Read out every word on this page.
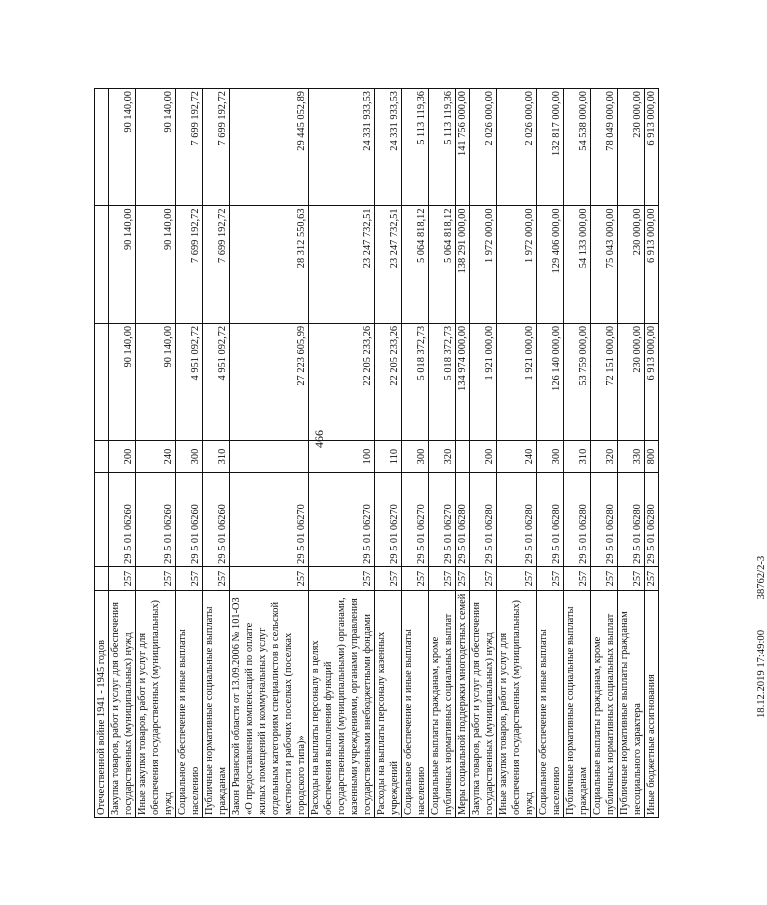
466
Отечественной войне 1941 - 1945 годов						
Закупка товаров, работ и услуг для обеспечения государственных (муниципальных) нужд	257	29 5 01 06260	200	90 140,00	90 140,00	90 140,00
Иные закупки товаров, работ и услуг для обеспечения государственных (муниципальных) нужд	257	29 5 01 06260	240	90 140,00	90 140,00	90 140,00
Социальное обеспечение и иные выплаты населению	257	29 5 01 06260	300	4 951 092,72	7 699 192,72	7 699 192,72
Публичные нормативные социальные выплаты гражданам	257	29 5 01 06260	310	4 951 092,72	7 699 192,72	7 699 192,72
Закон Рязанской области от 13.09.2006 № 101-ОЗ «О предоставлении компенсаций по оплате жилых помещений и коммунальных услуг отдельным категориям специалистов в сельской местности и рабочих поселках (поселках городского типа)»	257	29 5 01 06270		27 223 605,99	28 312 550,63	29 445 052,89
Расходы на выплаты персоналу в целях обеспечения выполнения функций государственными (муниципальными) органами, казенными учреждениями, органами управления государственными внебюджетными фондами	257	29 5 01 06270	100	22 205 233,26	23 247 732,51	24 331 933,53
Расходы на выплаты персоналу казенных учреждений	257	29 5 01 06270	110	22 205 233,26	23 247 732,51	24 331 933,53
Социальное обеспечение и иные выплаты населению	257	29 5 01 06270	300	5 018 372,73	5 064 818,12	5 113 119,36
Социальные выплаты гражданам, кроме публичных нормативных социальных выплат	257	29 5 01 06270	320	5 018 372,73	5 064 818,12	5 113 119,36
Меры социальной поддержки многодетных семей	257	29 5 01 06280		134 974 000,00	138 291 000,00	141 756 000,00
Закупка товаров, работ и услуг для обеспечения государственных (муниципальных) нужд	257	29 5 01 06280	200	1 921 000,00	1 972 000,00	2 026 000,00
Иные закупки товаров, работ и услуг для обеспечения государственных (муниципальных) нужд	257	29 5 01 06280	240	1 921 000,00	1 972 000,00	2 026 000,00
Социальное обеспечение и иные выплаты населению	257	29 5 01 06280	300	126 140 000,00	129 406 000,00	132 817 000,00
Публичные нормативные социальные выплаты гражданам	257	29 5 01 06280	310	53 759 000,00	54 133 000,00	54 538 000,00
Социальные выплаты гражданам, кроме публичных нормативных социальных выплат	257	29 5 01 06280	320	72 151 000,00	75 043 000,00	78 049 000,00
Публичные нормативные выплаты гражданам несоциального характера	257	29 5 01 06280	330	230 000,00	230 000,00	230 000,00
Иные бюджетные ассигнования	257	29 5 01 06280	800	6 913 000,00	6 913 000,00	6 913 000,00
18.12.2019 17:49:00 38762/2-3
